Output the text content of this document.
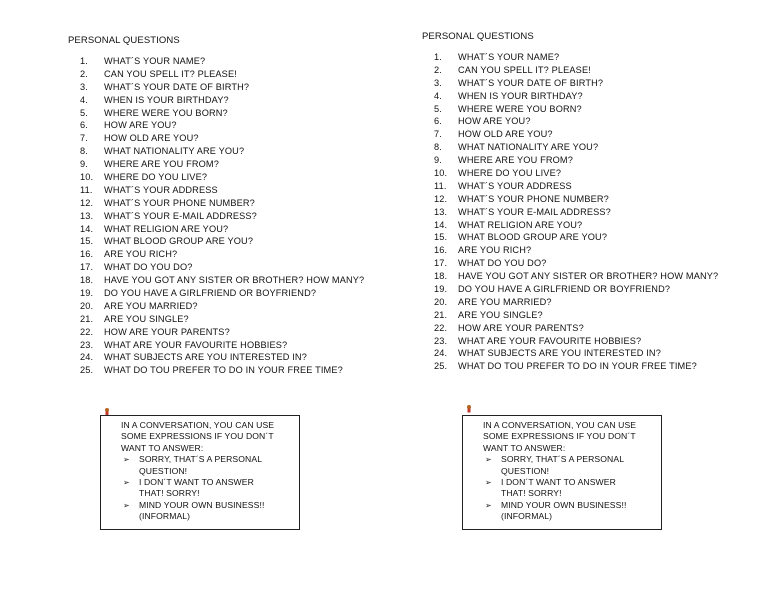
PERSONAL QUESTIONS
1.	WHAT´S YOUR NAME?
2.	CAN YOU SPELL IT? PLEASE!
3.	WHAT´S YOUR DATE OF BIRTH?
4.	WHEN IS YOUR BIRTHDAY?
5.	WHERE WERE YOU BORN?
6.	HOW ARE YOU?
7.	HOW OLD ARE YOU?
8.	WHAT NATIONALITY ARE YOU?
9.	WHERE ARE YOU FROM?
10.	WHERE DO YOU LIVE?
11.	WHAT´S YOUR ADDRESS
12.	WHAT´S YOUR PHONE NUMBER?
13.	WHAT´S YOUR E-MAIL ADDRESS?
14.	WHAT RELIGION ARE YOU?
15.	WHAT BLOOD GROUP ARE YOU?
16.	ARE YOU RICH?
17.	WHAT DO YOU DO?
18.	HAVE YOU GOT ANY SISTER OR BROTHER? HOW MANY?
19.	DO YOU HAVE A GIRLFRIEND OR BOYFRIEND?
20.	ARE YOU MARRIED?
21.	ARE YOU SINGLE?
22.	HOW ARE YOUR PARENTS?
23.	WHAT ARE YOUR FAVOURITE HOBBIES?
24.	WHAT SUBJECTS ARE YOU INTERESTED IN?
25.	WHAT DO TOU PREFER TO DO IN YOUR FREE TIME?
IN A CONVERSATION, YOU CAN USE SOME EXPRESSIONS IF YOU DON´T WANT TO ANSWER:
➢	SORRY, THAT´S A PERSONAL QUESTION!
➢	I DON´T WANT TO ANSWER THAT! SORRY!
➢	MIND YOUR OWN BUSINESS!! (INFORMAL)
PERSONAL QUESTIONS
1.	WHAT´S YOUR NAME?
2.	CAN YOU SPELL IT? PLEASE!
3.	WHAT´S YOUR DATE OF BIRTH?
4.	WHEN IS YOUR BIRTHDAY?
5.	WHERE WERE YOU BORN?
6.	HOW ARE YOU?
7.	HOW OLD ARE YOU?
8.	WHAT NATIONALITY ARE YOU?
9.	WHERE ARE YOU FROM?
10.	WHERE DO YOU LIVE?
11.	WHAT´S YOUR ADDRESS
12.	WHAT´S YOUR PHONE NUMBER?
13.	WHAT´S YOUR E-MAIL ADDRESS?
14.	WHAT RELIGION ARE YOU?
15.	WHAT BLOOD GROUP ARE YOU?
16.	ARE YOU RICH?
17.	WHAT DO YOU DO?
18.	HAVE YOU GOT ANY SISTER OR BROTHER? HOW MANY?
19.	DO YOU HAVE A GIRLFRIEND OR BOYFRIEND?
20.	ARE YOU MARRIED?
21.	ARE YOU SINGLE?
22.	HOW ARE YOUR PARENTS?
23.	WHAT ARE YOUR FAVOURITE HOBBIES?
24.	WHAT SUBJECTS ARE YOU INTERESTED IN?
25.	WHAT DO TOU PREFER TO DO IN YOUR FREE TIME?
IN A CONVERSATION, YOU CAN USE SOME EXPRESSIONS IF YOU DON´T WANT TO ANSWER:
➢	SORRY, THAT´S A PERSONAL QUESTION!
➢	I DON´T WANT TO ANSWER THAT! SORRY!
➢	MIND YOUR OWN BUSINESS!! (INFORMAL)
